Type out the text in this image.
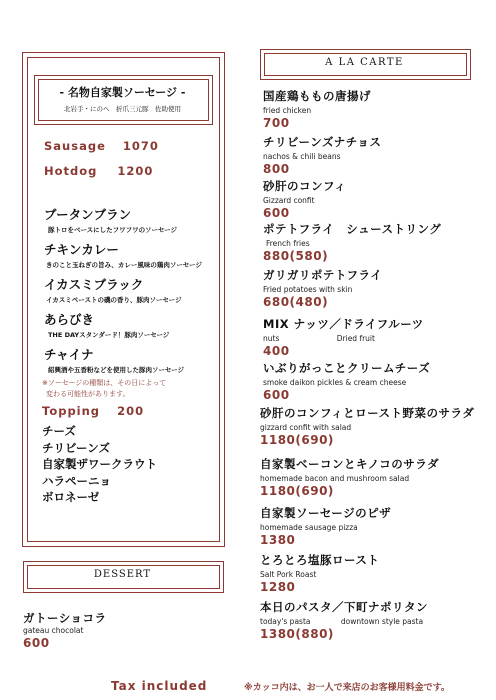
- 名物自家製ソーセージ -
北岩手・にのへ　折爪三元豚　佐助使用
Sausage 1070
Hotdog 1200
ブータンブラン
豚トロをベースにしたフワフワのソーセージ
チキンカレー
きのこと玉ねぎの旨み、カレー風味の鶏肉ソーセージ
イカスミブラック
イカスミペーストの磯の香り、豚肉ソーセージ
あらびき
THE DAYスタンダード！豚肉ソーセージ
チャイナ
紹興酒や五香粉などを使用した豚肉ソーセージ
※ソーセージの種類は、その日によって
変わる可能性があります。
Topping 200
チーズ
チリビーンズ
自家製ザワークラウト
ハラペーニョ
ボロネーゼ
DESSERT
ガトーショコラ
gateau chocolat
600
A LA CARTE
国産鶏ももの唐揚げ
fried chicken
700
チリビーンズナチョス
nachos & chili beans
800
砂肝のコンフィ
Gizzard confit
600
ポテトフライ　シューストリング
French fries
880(580)
ガリガリポテトフライ
Fried potatoes with skin
680(480)
MIX ナッツ／ドライフルーツ
nuts	Dried fruit
400
いぶりがっことクリームチーズ
smoke daikon pickles & cream cheese
600
砂肝のコンフィとロースト野菜のサラダ
gizzard confit with salad
1180(690)
自家製ベーコンとキノコのサラダ
homemade bacon and mushroom salad
1180(690)
自家製ソーセージのピザ
homemade sausage pizza
1380
とろとろ塩豚ロースト
Salt Pork Roast
1280
本日のパスタ／下町ナポリタン
today's pasta	downtown style pasta
1380(880)
Tax included	※カッコ内は、お一人で来店のお客様用料金です。
